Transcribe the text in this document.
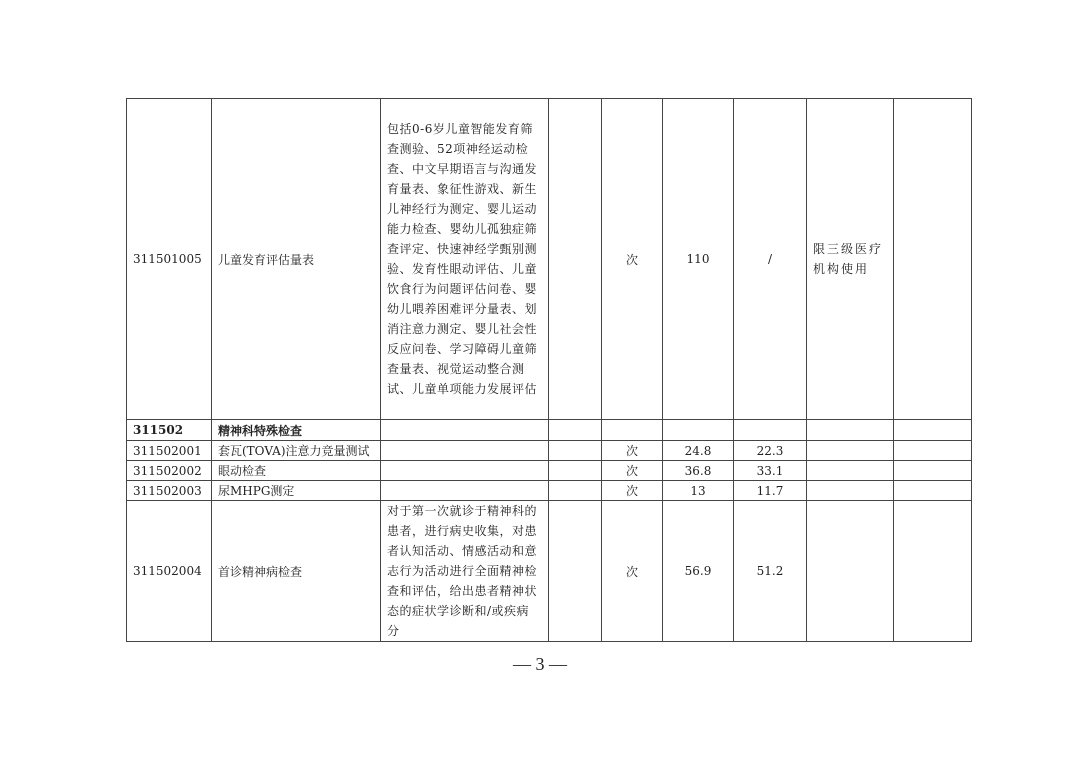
311501005	儿童发育评估量表	包括0-6岁儿童智能发育筛查测验、52项神经运动检查、中文早期语言与沟通发育量表、象征性游戏、新生儿神经行为测定、婴儿运动能力检查、婴幼儿孤独症筛查评定、快速神经学甄别测验、发育性眼动评估、儿童饮食行为问题评估问卷、婴幼儿喂养困难评分量表、划消注意力测定、婴儿社会性反应问卷、学习障碍儿童筛查量表、视觉运动整合测试、儿童单项能力发展评估		次	110	/	限三级医疗机构使用	

311502	精神科特殊检查							
311502001	套瓦(TOVA)注意力竞量测试			次	24.8	22.3		
311502002	眼动检查			次	36.8	33.1		
311502003	尿MHPG测定			次	13	11.7		
311502004	首诊精神病检查	对于第一次就诊于精神科的患者，进行病史收集，对患者认知活动、情感活动和意志行为活动进行全面精神检查和评估，给出患者精神状态的症状学诊断和/或疾病分		次	56.9	51.2		
— 3 —
